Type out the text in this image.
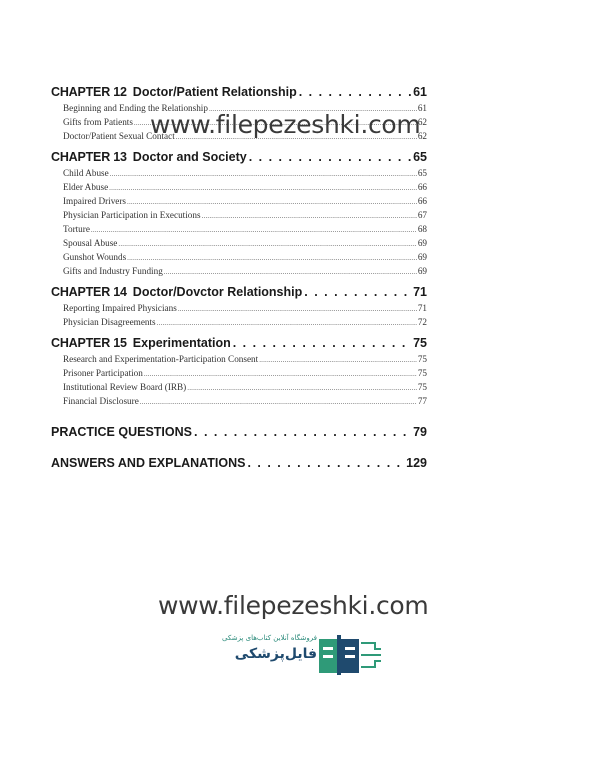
CHAPTER 12 Doctor/Patient Relationship . . .	61
Beginning and Ending the Relationship .....	61
Gifts from Patients .....	62
Doctor/Patient Sexual Contact .....	62
CHAPTER 13 Doctor and Society . . .	65
Child Abuse .....	65
Elder Abuse .....	66
Impaired Drivers .....	66
Physician Participation in Executions .....	67
Torture .....	68
Spousal Abuse .....	69
Gunshot Wounds .....	69
Gifts and Industry Funding .....	69
CHAPTER 14 Doctor/Dovctor Relationship . . .	71
Reporting Impaired Physicians .....	71
Physician Disagreements .....	72
CHAPTER 15 Experimentation . . .	75
Research and Experimentation-Participation Consent .....	75
Prisoner Participation .....	75
Institutional Review Board (IRB) .....	75
Financial Disclosure .....	77
PRACTICE QUESTIONS . . .	79
ANSWERS AND EXPLANATIONS . . .	129
www.filepezeshki.com
www.filepezeshki.com
فروشگاه آنلاین کتاب‌های پزشکی
فایل‌پزشکی
